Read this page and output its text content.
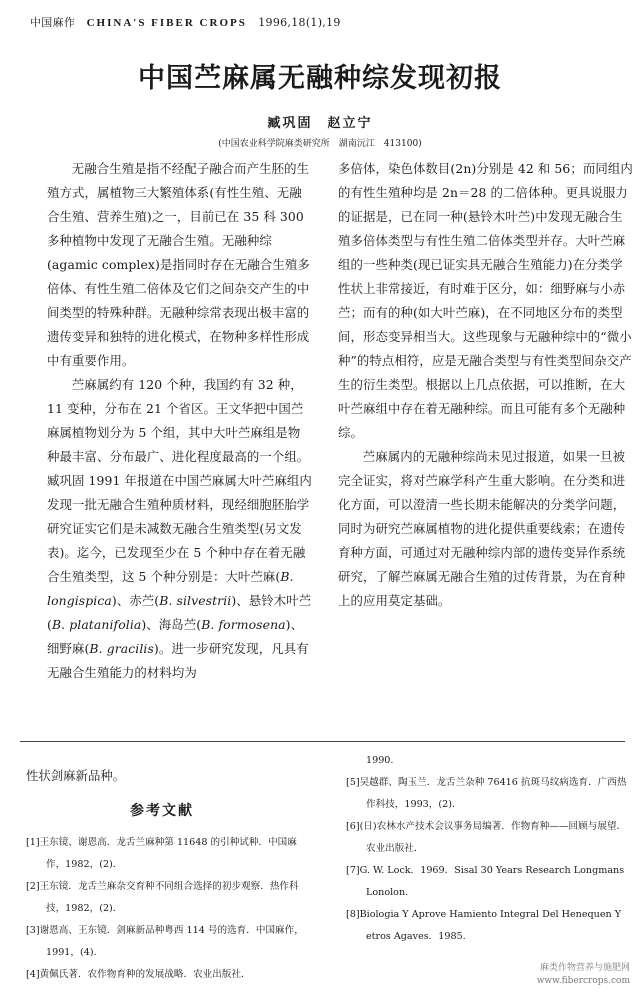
中国麻作 CHINA'S FIBER CROPS 1996,18(1),19
中国苎麻属无融种综发现初报
臧巩固　赵立宁
(中国农业科学院麻类研究所　湖南沅江　413100)

无融合生殖是指不经配子融合而产生胚的生殖方式，属植物三大繁殖体系(有性生殖、无融合生殖、营养生殖)之一，目前已在 35 科 300 多种植物中发现了无融合生殖。无融种综(agamic complex)是指同时存在无融合生殖多倍体、有性生殖二倍体及它们之间杂交产生的中间类型的特殊种群。无融种综常表现出极丰富的遗传变异和独特的进化模式，在物种多样性形成中有重要作用。

苎麻属约有 120 个种，我国约有 32 种，11 变种，分布在 21 个省区。王文华把中国苎麻属植物划分为 5 个组，其中大叶苎麻组是物种最丰富、分布最广、进化程度最高的一个组。臧巩固 1991 年报道在中国苎麻属大叶苎麻组内发现一批无融合生殖种质材料，现经细胞胚胎学研究证实它们是未减数无融合生殖类型(另文发表)。迄今，已发现至少在 5 个种中存在着无融合生殖类型，这 5 个种分别是：大叶苎麻(B. longispica)、赤苎(B. silvestrii)、悬铃木叶苎(B. platanifolia)、海岛苎(B. formosena)、细野麻(B. gracilis)。进一步研究发现，凡具有无融合生殖能力的材料均为

多倍体，染色体数目(2n)分别是 42 和 56；而同组内的有性生殖种均是 2n＝28 的二倍体种。更具说服力的证据是，已在同一种(悬铃木叶苎)中发现无融合生殖多倍体类型与有性生殖二倍体类型并存。大叶苎麻组的一些种类(现已证实具无融合生殖能力)在分类学性状上非常接近，有时难于区分，如：细野麻与小赤苎；而有的种(如大叶苎麻)，在不同地区分布的类型间，形态变异相当大。这些现象与无融种综中的“微小种”的特点相符，应是无融合类型与有性类型间杂交产生的衍生类型。根据以上几点依据，可以推断，在大叶苎麻组中存在着无融种综。而且可能有多个无融种综。

苎麻属内的无融种综尚未见过报道，如果一旦被完全证实，将对苎麻学科产生重大影响。在分类和进化方面，可以澄清一些长期未能解决的分类学问题，同时为研究苎麻属植物的进化提供重要线索；在遗传育种方面，可通过对无融种综内部的遗传变异作系统研究，了解苎麻属无融合生殖的过传背景，为在育种上的应用莫定基础。

性状剑麻新品种。
参考文献

[1]王东镜、谢恩高．龙舌兰麻种第 11648 的引种试种．中国麻作，1982，(2)．

[2]王东镜．龙舌兰麻杂交育种不同组合选择的初步观察．热作科技，1982，(2)．

[3]谢恩高、王东镜．剑麻新品种粤西 114 号的选育．中国麻作，1991，(4)．

[4]黄佩氏著．农作物育种的发展战略．农业出版社．

1990.

[5]吴越群、陶玉兰．龙舌兰杂种 76416 抗斑马纹病选育．广西热作科技，1993，(2)．

[6](日)农林水产技术会议事务局编著．作物育种——回顾与展望．农业出版社．

[7]G. W. Lock．1969．Sisal 30 Years Research Longmans Lonolon.

[8]Biologia Y Aprove Hamiento Integral Del Henequen Y etros Agaves．1985.

麻类作物营养与施肥网
www.fibercrops.com
